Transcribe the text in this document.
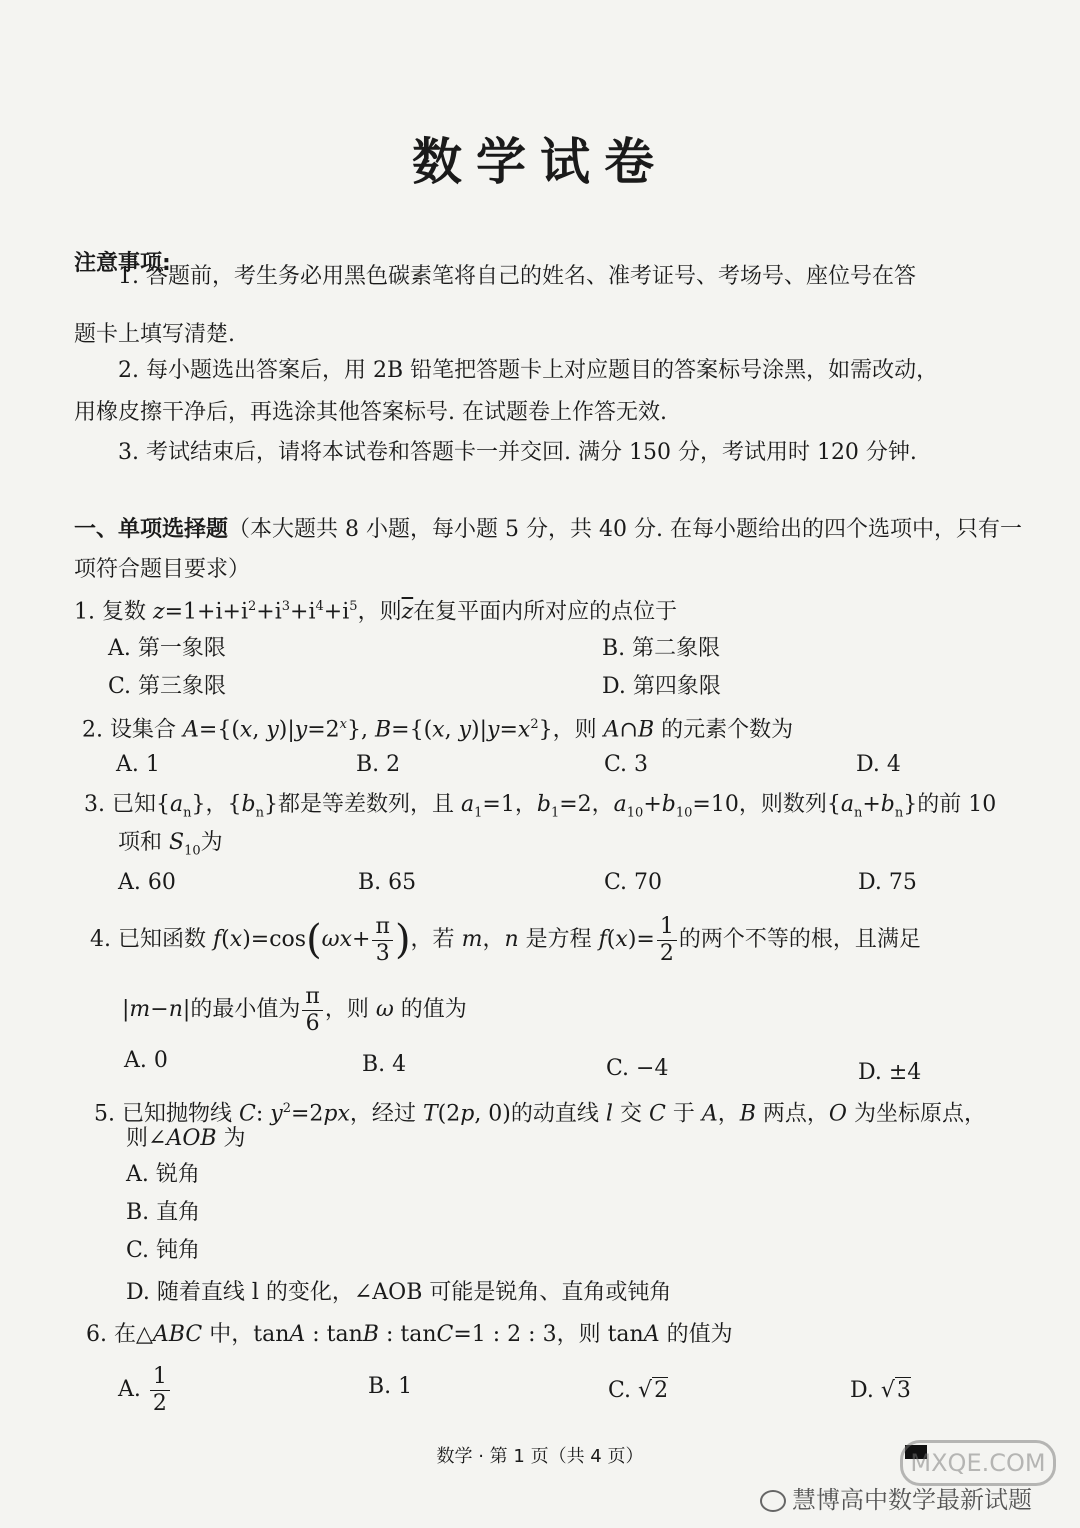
数学试卷
注意事项:
1. 答题前，考生务必用黑色碳素笔将自己的姓名、准考证号、考场号、座位号在答
题卡上填写清楚.
2. 每小题选出答案后，用 2B 铅笔把答题卡上对应题目的答案标号涂黑，如需改动，
用橡皮擦干净后，再选涂其他答案标号. 在试题卷上作答无效.
3. 考试结束后，请将本试卷和答题卡一并交回. 满分 150 分，考试用时 120 分钟.
一、单项选择题（本大题共 8 小题，每小题 5 分，共 40 分. 在每小题给出的四个选项中，只有一项符合题目要求）
1. 复数 $z=1+i+i^2+i^3+i^4+i^5$，则$\overline{z}$在复平面内所对应的点位于
A. 第一象限	B. 第二象限
C. 第三象限	D. 第四象限
2. 设集合 A={(x, $y)|y=2^x$}, B={(x, $y)|y=x^2$}，则 A∩B 的元素个数为
A. 1	B. 2	C. 3	D. 4
3. 已知$\{a_n\}$，$\{b_n\}$都是等差数列，且 $a_1=1$，$b_1=2$，$a_{10}+b_{10}=10$，则数列$\{a_n+b_n\}$的前 10
项和 $S_{10}$为
A. 60	B. 65	C. 70	D. 75
4. 已知函数 $f(x)=\cos(\omega x+ \frac{\pi}{3}$ )，若 m，n 是方程 $f(x)= \frac{1}{2}$ 的两个不等的根，且满足
|m−n|的最小值为 $\frac{\pi}{6}$ ，则 ω 的值为
A. 0	B. 4	C. −4	D. ±4
5. 已知抛物线 C: $y^2=2px$，经过 T(2p, 0)的动直线 l 交 C 于 A，B 两点，O 为坐标原点，
则∠AOB 为
A. 锐角
B. 直角
C. 钝角
D. 随着直线 l 的变化，∠AOB 可能是锐角、直角或钝角
6. 在△ABC 中，tanA : tanB : tanC=1 : 2 : 3，则 tanA 的值为
A. $\frac{1}{2}$	B. 1	C. √2	D. √3
数学 · 第 1 页（共 4 页）	MXQE.COM
慧博高中数学最新试题
